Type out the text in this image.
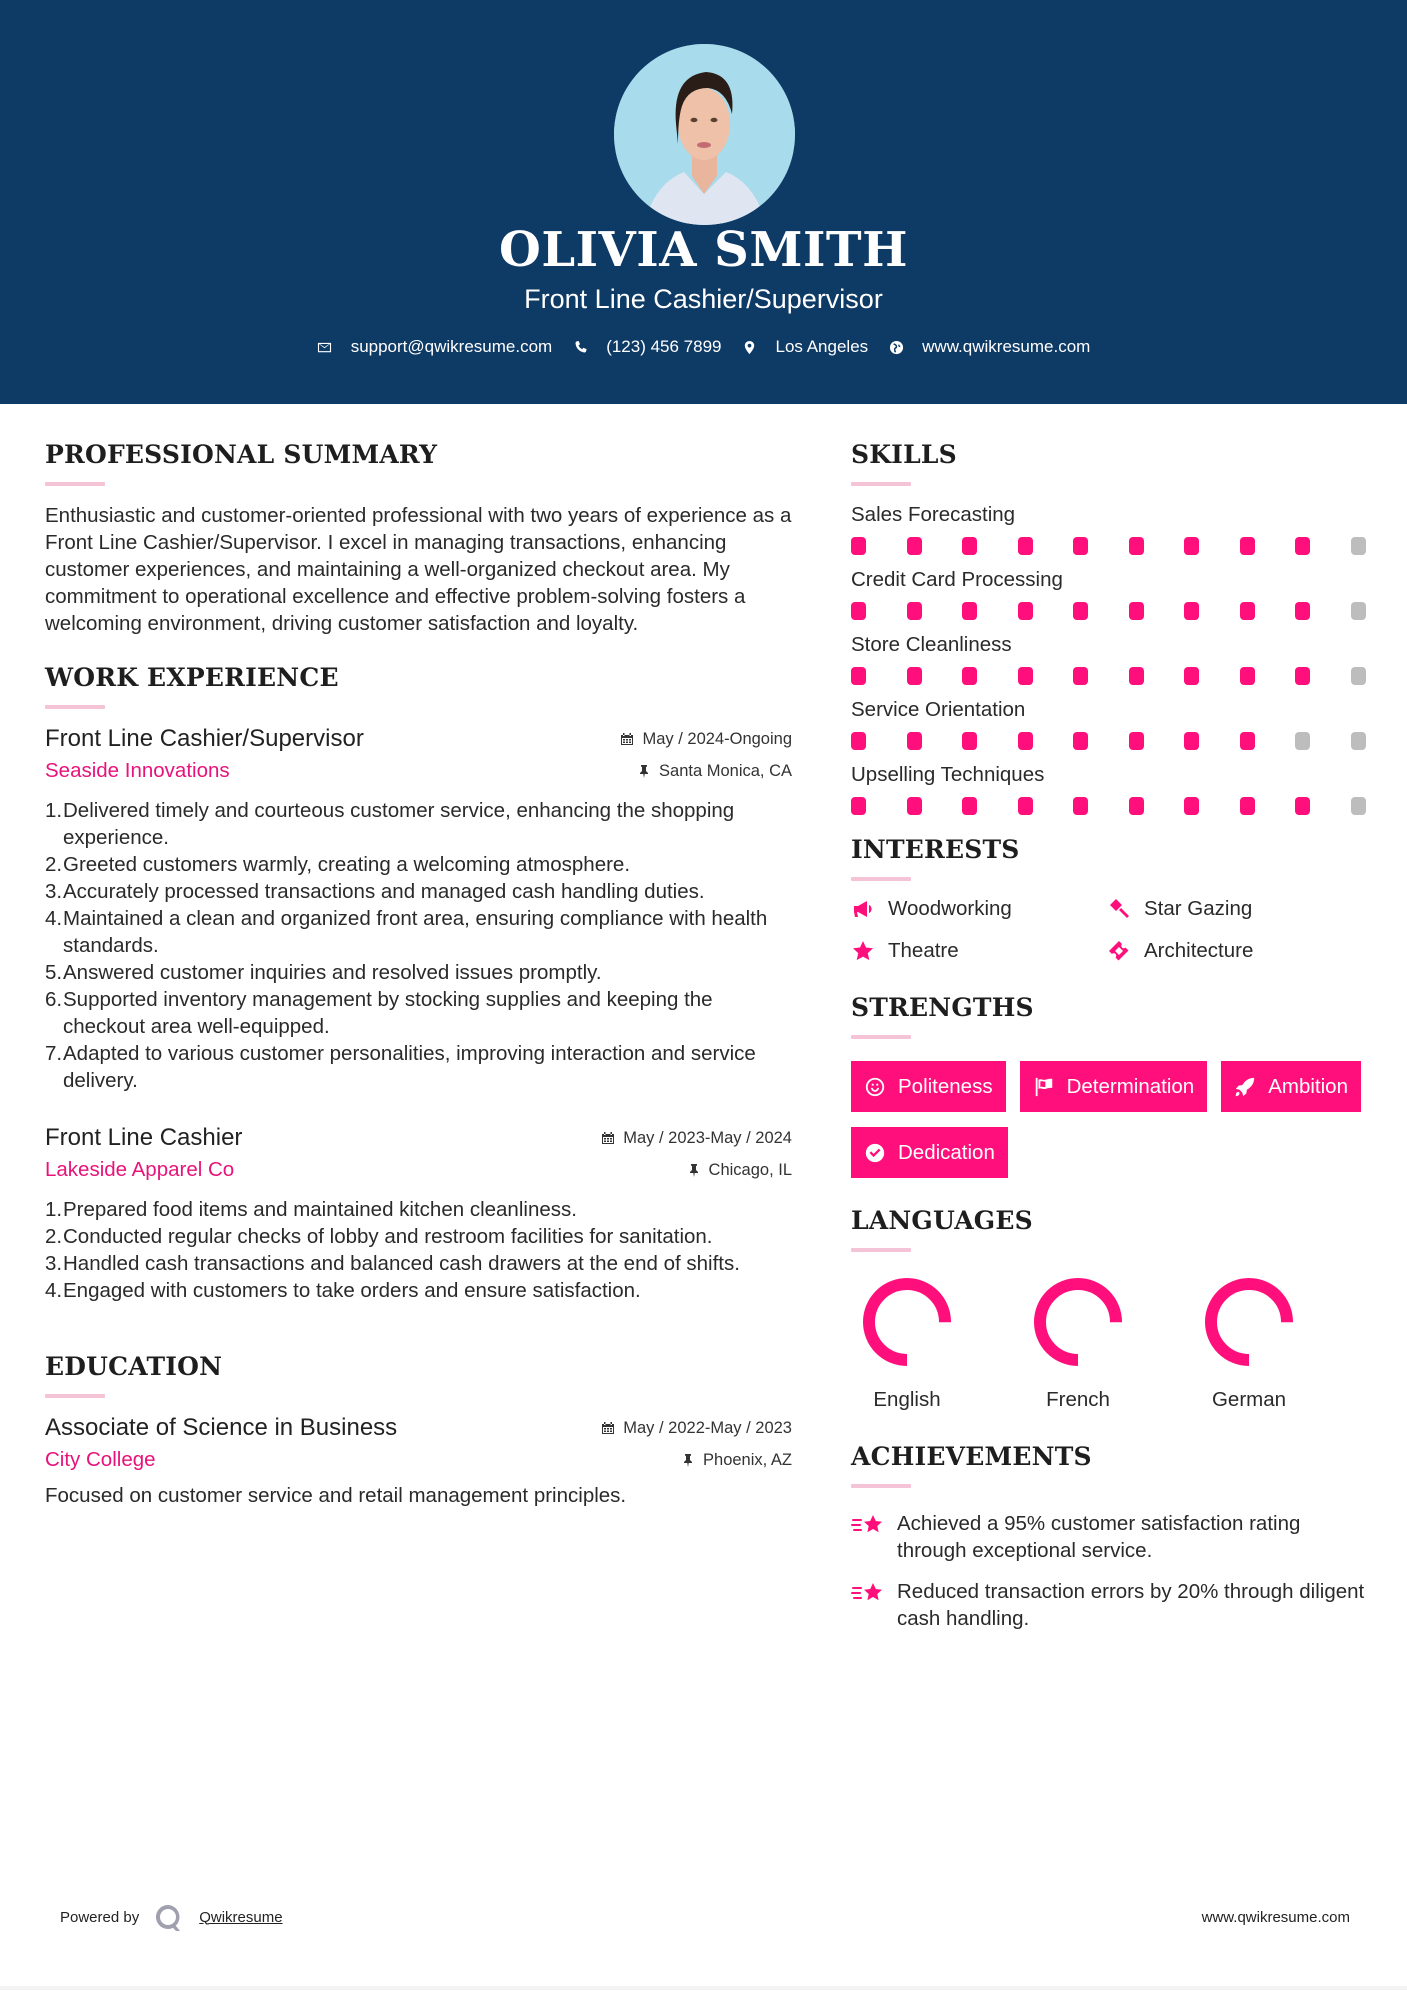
OLIVIA SMITH
Front Line Cashier/Supervisor
support@qwikresume.com	(123) 456 7899	Los Angeles	www.qwikresume.com
PROFESSIONAL SUMMARY

Enthusiastic and customer-oriented professional with two years of experience as a Front Line Cashier/Supervisor. I excel in managing transactions, enhancing customer experiences, and maintaining a well-organized checkout area. My commitment to operational excellence and effective problem-solving fosters a welcoming environment, driving customer satisfaction and loyalty.

WORK EXPERIENCE
Front Line Cashier/Supervisor	May / 2024-Ongoing
Seaside Innovations	Santa Monica, CA
1. Delivered timely and courteous customer service, enhancing the shopping experience.
2. Greeted customers warmly, creating a welcoming atmosphere.
3. Accurately processed transactions and managed cash handling duties.
4. Maintained a clean and organized front area, ensuring compliance with health standards.
5. Answered customer inquiries and resolved issues promptly.
6. Supported inventory management by stocking supplies and keeping the checkout area well-equipped.
7. Adapted to various customer personalities, improving interaction and service delivery.
Front Line Cashier	May / 2023-May / 2024
Lakeside Apparel Co	Chicago, IL
1. Prepared food items and maintained kitchen cleanliness.
2. Conducted regular checks of lobby and restroom facilities for sanitation.
3. Handled cash transactions and balanced cash drawers at the end of shifts.
4. Engaged with customers to take orders and ensure satisfaction.
EDUCATION
Associate of Science in Business	May / 2022-May / 2023
City College	Phoenix, AZ

Focused on customer service and retail management principles.

SKILLS
Sales Forecasting
Credit Card Processing
Store Cleanliness
Service Orientation
Upselling Techniques
INTERESTS
Woodworking	Star Gazing
Theatre	Architecture
STRENGTHS
Politeness	Determination	Ambition
Dedication
LANGUAGES
English	French	German
ACHIEVEMENTS
Achieved a 95% customer satisfaction rating through exceptional service.
Reduced transaction errors by 20% through diligent cash handling.
Powered by	Qwikresume	www.qwikresume.com
